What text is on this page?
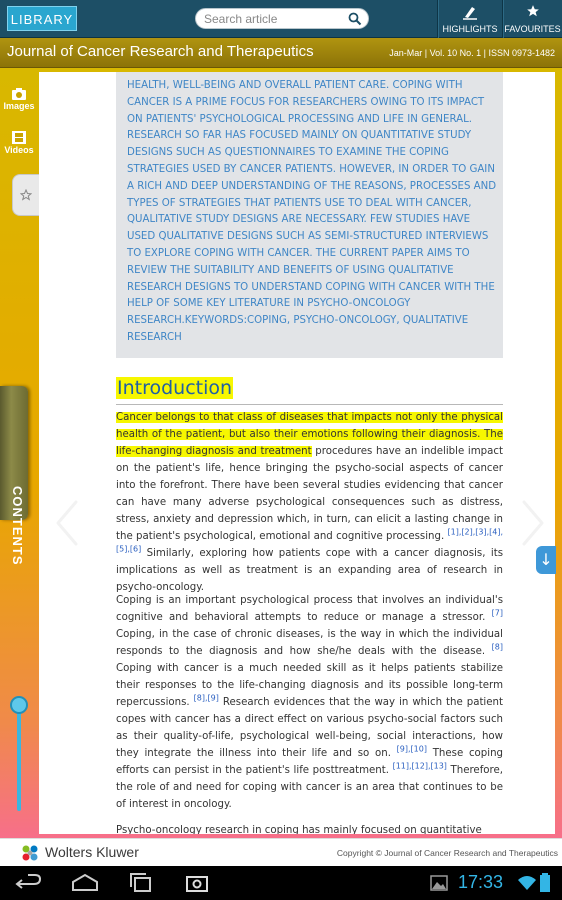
LIBRARY
Search article
HIGHLIGHTS FAVOURITES
Journal of Cancer Research and Therapeutics	Jan-Mar | Vol. 10 No. 1 | ISSN 0973-1482
Images
Videos
CONTENTS
HEALTH, WELL-BEING AND OVERALL PATIENT CARE. COPING WITH CANCER IS A PRIME FOCUS FOR RESEARCHERS OWING TO ITS IMPACT ON PATIENTS' PSYCHOLOGICAL PROCESSING AND LIFE IN GENERAL. RESEARCH SO FAR HAS FOCUSED MAINLY ON QUANTITATIVE STUDY DESIGNS SUCH AS QUESTIONNAIRES TO EXAMINE THE COPING STRATEGIES USED BY CANCER PATIENTS. HOWEVER, IN ORDER TO GAIN A RICH AND DEEP UNDERSTANDING OF THE REASONS, PROCESSES AND TYPES OF STRATEGIES THAT PATIENTS USE TO DEAL WITH CANCER, QUALITATIVE STUDY DESIGNS ARE NECESSARY. FEW STUDIES HAVE USED QUALITATIVE DESIGNS SUCH AS SEMI-STRUCTURED INTERVIEWS TO EXPLORE COPING WITH CANCER. THE CURRENT PAPER AIMS TO REVIEW THE SUITABILITY AND BENEFITS OF USING QUALITATIVE RESEARCH DESIGNS TO UNDERSTAND COPING WITH CANCER WITH THE HELP OF SOME KEY LITERATURE IN PSYCHO-ONCOLOGY RESEARCH.KEYWORDS:COPING, PSYCHO-ONCOLOGY, QUALITATIVE RESEARCH
Introduction
Cancer belongs to that class of diseases that impacts not only the physical health of the patient, but also their emotions following their diagnosis. The life-changing diagnosis and treatment procedures have an indelible impact on the patient's life, hence bringing the psycho-social aspects of cancer into the forefront. There have been several studies evidencing that cancer can have many adverse psychological consequences such as distress, stress, anxiety and depression which, in turn, can elicit a lasting change in the patient's psychological, emotional and cognitive processing. [1],[2],[3],[4],[5],[6] Similarly, exploring how patients cope with a cancer diagnosis, its implications as well as treatment is an expanding area of research in psycho-oncology.
Coping is an important psychological process that involves an individual's cognitive and behavioral attempts to reduce or manage a stressor. [7] Coping, in the case of chronic diseases, is the way in which the individual responds to the diagnosis and how she/he deals with the disease. [8] Coping with cancer is a much needed skill as it helps patients stabilize their responses to the life-changing diagnosis and its possible long-term repercussions. [8],[9] Research evidences that the way in which the patient copes with cancer has a direct effect on various psycho-social factors such as their quality-of-life, psychological well-being, social interactions, how they integrate the illness into their life and so on. [9],[10] These coping efforts can persist in the patient's life posttreatment. [11],[12],[13] Therefore, the role of and need for coping with cancer is an area that continues to be of interest in oncology.
Psycho-oncology research in coping has mainly focused on quantitative
↓
Wolters Kluwer	Copyright © Journal of Cancer Research and Therapeutics
17:33
